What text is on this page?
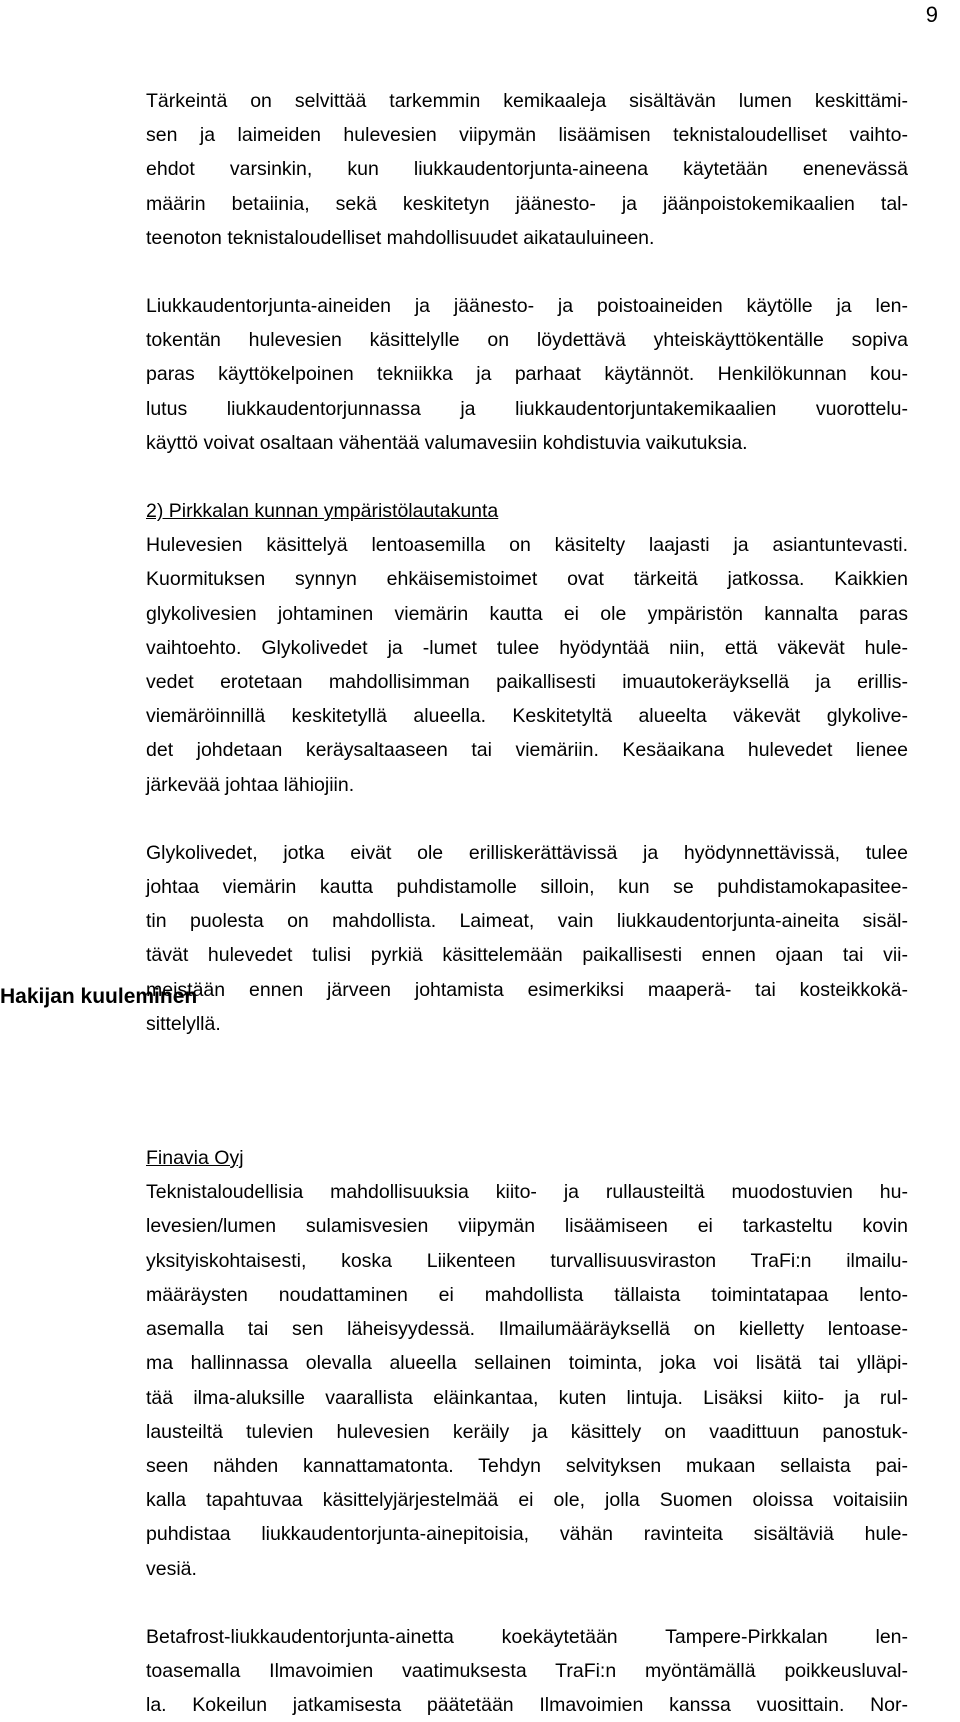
9
Hakijan kuuleminen

Tärkeintä on selvittää tarkemmin kemikaaleja sisältävän lumen keskittämi-
sen ja laimeiden hulevesien viipymän lisäämisen teknistaloudelliset vaihto-
ehdot varsinkin, kun liukkaudentorjunta-aineena käytetään enenevässä
määrin betaiinia, sekä keskitetyn jäänesto- ja jäänpoistokemikaalien tal-
teenoton teknistaloudelliset mahdollisuudet aikatauluineen.

Liukkaudentorjunta-aineiden ja jäänesto- ja poistoaineiden käytölle ja len-
tokentän hulevesien käsittelylle on löydettävä yhteiskäyttökentälle sopiva
paras käyttökelpoinen tekniikka ja parhaat käytännöt. Henkilökunnan kou-
lutus liukkaudentorjunnassa ja liukkaudentorjuntakemikaalien vuorottelu-
käyttö voivat osaltaan vähentää valumavesiin kohdistuvia vaikutuksia.

2) Pirkkalan kunnan ympäristölautakunta
Hulevesien käsittelyä lentoasemilla on käsitelty laajasti ja asiantuntevasti.
Kuormituksen synnyn ehkäisemistoimet ovat tärkeitä jatkossa. Kaikkien
glykolivesien johtaminen viemärin kautta ei ole ympäristön kannalta paras
vaihtoehto. Glykolivedet ja -lumet tulee hyödyntää niin, että väkevät hule-
vedet erotetaan mahdollisimman paikallisesti imuautokeräyksellä ja erillis-
viemäröinnillä keskitetyllä alueella. Keskitetyltä alueelta väkevät glykolive-
det johdetaan keräysaltaaseen tai viemäriin. Kesäaikana hulevedet lienee
järkevää johtaa lähiojiin.

Glykolivedet, jotka eivät ole erilliskerättävissä ja hyödynnettävissä, tulee
johtaa viemärin kautta puhdistamolle silloin, kun se puhdistamokapasitee-
tin puolesta on mahdollista. Laimeat, vain liukkaudentorjunta-aineita sisäl-
tävät hulevedet tulisi pyrkiä käsittelemään paikallisesti ennen ojaan tai vii-
meistään ennen järveen johtamista esimerkiksi maaperä- tai kosteikkokä-
sittelyllä.

Finavia Oyj
Teknistaloudellisia mahdollisuuksia kiito- ja rullausteiltä muodostuvien hu-
levesien/lumen sulamisvesien viipymän lisäämiseen ei tarkasteltu kovin
yksityiskohtaisesti, koska Liikenteen turvallisuusviraston TraFi:n ilmailu-
määräysten noudattaminen ei mahdollista tällaista toimintatapaa lento-
asemalla tai sen läheisyydessä. Ilmailumääräyksellä on kielletty lentoase-
ma hallinnassa olevalla alueella sellainen toiminta, joka voi lisätä tai ylläpi-
tää ilma-aluksille vaarallista eläinkantaa, kuten lintuja. Lisäksi kiito- ja rul-
lausteiltä tulevien hulevesien keräily ja käsittely on vaadittuun panostuk-
seen nähden kannattamatonta. Tehdyn selvityksen mukaan sellaista pai-
kalla tapahtuvaa käsittelyjärjestelmää ei ole, jolla Suomen oloissa voitaisiin
puhdistaa liukkaudentorjunta-ainepitoisia, vähän ravinteita sisältäviä hule-
vesiä.

Betafrost-liukkaudentorjunta-ainetta koekäytetään Tampere-Pirkkalan len-
toasemalla Ilmavoimien vaatimuksesta TraFi:n myöntämällä poikkeusluval-
la. Kokeilun jatkamisesta päätetään Ilmavoimien kanssa vuosittain. Nor-
